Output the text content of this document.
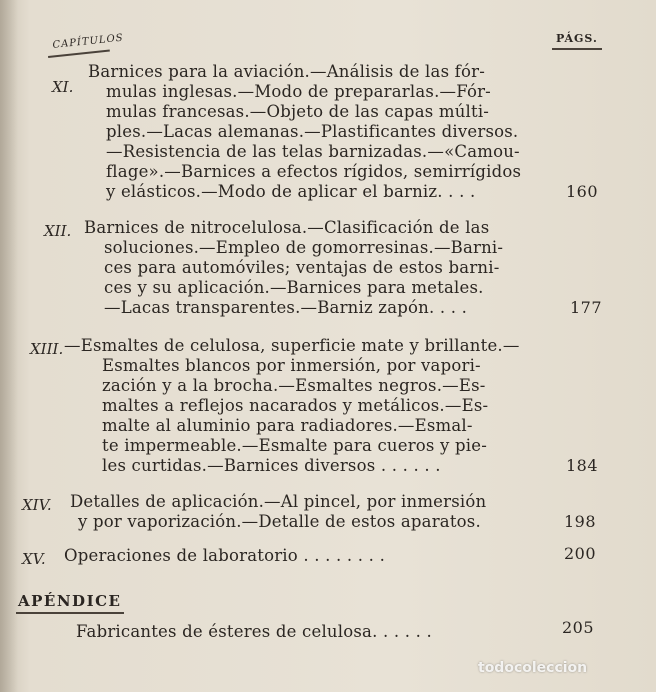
CAPÍTULOS	PÁGS.
XI.
Barnices para la aviación.—Análisis de las fór-
mulas inglesas.—Modo de prepararlas.—Fór-
mulas francesas.—Objeto de las capas múlti-
ples.—Lacas alemanas.—Plastificantes diversos.
—Resistencia de las telas barnizadas.—«Camou-
flage».—Barnices a efectos rígidos, semirrígidos
y elásticos.—Modo de aplicar el barniz. . . .	160
XII. Barnices de nitrocelulosa.—Clasificación de las
soluciones.—Empleo de gomorresinas.—Barni-
ces para automóviles; ventajas de estos barni-
ces y su aplicación.—Barnices para metales.
—Lacas transparentes.—Barniz zapón. . . .	177
XIII. —Esmaltes de celulosa, superficie mate y brillante.—
Esmaltes blancos por inmersión, por vapori-
zación y a la brocha.—Esmaltes negros.—Es-
maltes a reflejos nacarados y metálicos.—Es-
malte al aluminio para radiadores.—Esmal-
te impermeable.—Esmalte para cueros y pie-
les curtidas.—Barnices diversos . . . . . .	184
XIV. Detalles de aplicación.—Al pincel, por inmersión
y por vaporización.—Detalle de estos aparatos.	198
XV. Operaciones de laboratorio . . . . . . . .	200
APÉNDICE
Fabricantes de ésteres de celulosa. . . . . .	205
todocoleccion
